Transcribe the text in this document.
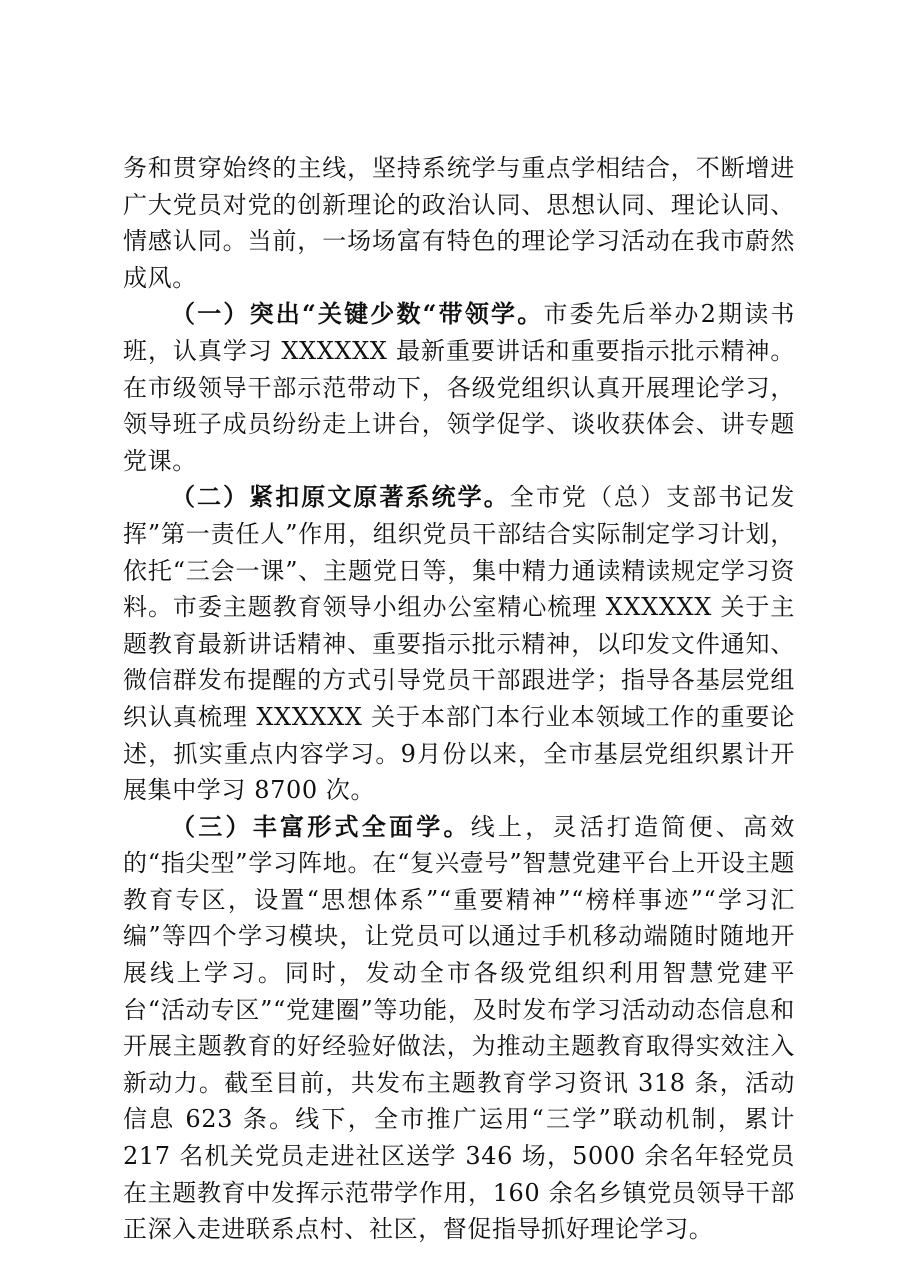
务和贯穿始终的主线，坚持系统学与重点学相结合，不断增进广大党员对党的创新理论的政治认同、思想认同、理论认同、情感认同。当前，一场场富有特色的理论学习活动在我市蔚然成风。

（一）突出“关键少数“带领学。市委先后举办2期读书班，认真学习 XXXXXX 最新重要讲话和重要指示批示精神。在市级领导干部示范带动下，各级党组织认真开展理论学习，领导班子成员纷纷走上讲台，领学促学、谈收获体会、讲专题党课。

（二）紧扣原文原著系统学。全市党（总）支部书记发挥”第一责任人”作用，组织党员干部结合实际制定学习计划，依托“三会一课”、主题党日等，集中精力通读精读规定学习资料。市委主题教育领导小组办公室精心梳理 XXXXXX 关于主题教育最新讲话精神、重要指示批示精神，以印发文件通知、微信群发布提醒的方式引导党员干部跟进学；指导各基层党组织认真梳理 XXXXXX 关于本部门本行业本领域工作的重要论述，抓实重点内容学习。9月份以来，全市基层党组织累计开展集中学习 8700 次。

（三）丰富形式全面学。线上，灵活打造简便、高效的“指尖型”学习阵地。在“复兴壹号”智慧党建平台上开设主题教育专区，设置“思想体系”“重要精神”“榜样事迹”“学习汇编”等四个学习模块，让党员可以通过手机移动端随时随地开展线上学习。同时，发动全市各级党组织利用智慧党建平台“活动专区”“党建圈”等功能，及时发布学习活动动态信息和开展主题教育的好经验好做法，为推动主题教育取得实效注入新动力。截至目前，共发布主题教育学习资讯 318 条，活动信息 623 条。线下，全市推广运用“三学”联动机制，累计 217 名机关党员走进社区送学 346 场，5000 余名年轻党员在主题教育中发挥示范带学作用，160 余名乡镇党员领导干部正深入走进联系点村、社区，督促指导抓好理论学习。
